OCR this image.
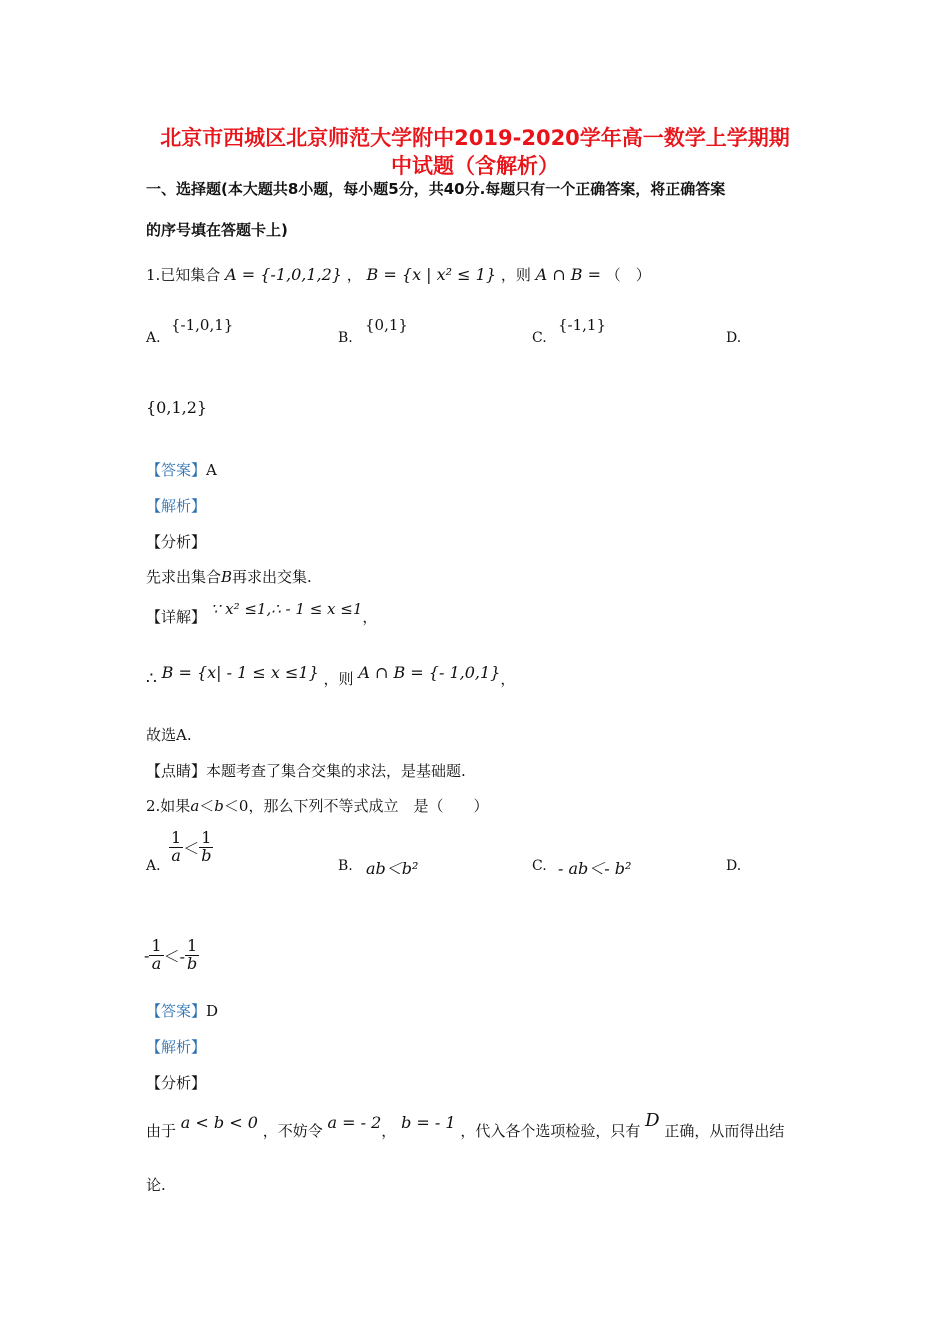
北京市西城区北京师范大学附中2019-2020学年高一数学上学期期
中试题（含解析）
一、选择题(本大题共8小题，每小题5分，共40分.每题只有一个正确答案，将正确答案
的序号填在答题卡上)
1.已知集合 A = {-1,0,1,2} ， B = {x | x² ≤ 1} ，则 A ∩ B = （　）
A.
{-1,0,1}
B.
{0,1}
C.
{-1,1}
D.
{0,1,2}
【答案】A
【解析】
【分析】
先求出集合B再求出交集.
【详解】 ∵ x² ≤1,∴ - 1 ≤ x ≤1，
∴ B = {x| - 1 ≤ x ≤1} ，则 A ∩ B = {- 1,0,1}，
故选A.
【点睛】本题考查了集合交集的求法，是基础题.
2.如果a＜b＜0，那么下列不等式成立　是（　　）
A.
$\frac{1}{a} < \frac{1}{b}$
B. ab＜b²	C. - ab＜- b²	D.
- $\frac{1}{a} <- \frac{1}{b}$
【答案】D
【解析】
【分析】
由于 a < b < 0 ，不妨令 a = - 2， b = - 1 ，代入各个选项检验，只有 D 正确，从而得出结
论.
